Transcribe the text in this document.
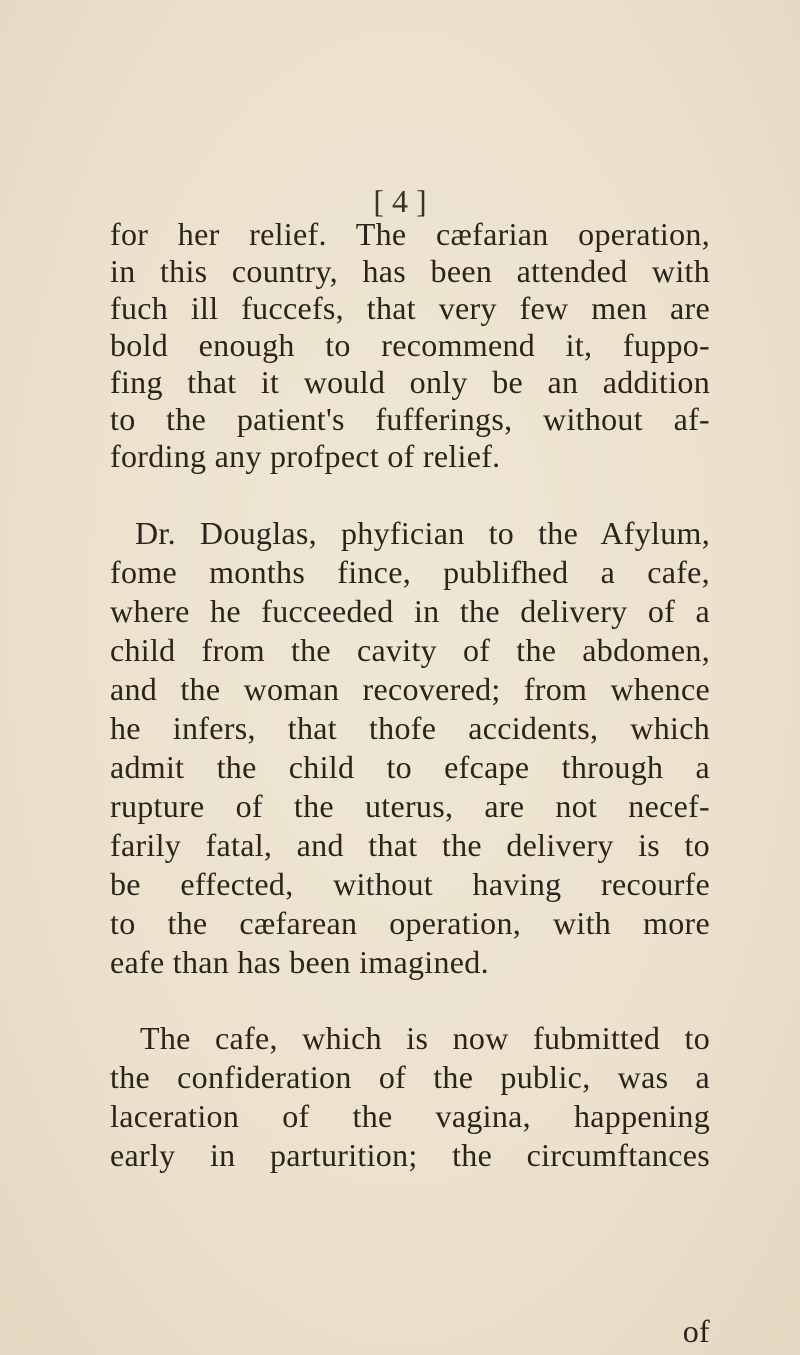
[ 4 ]
for her relief. The cæfarian operation,
in this country, has been attended with
fuch ill fuccefs, that very few men are
bold enough to recommend it, fuppo-
fing that it would only be an addition
to the patient's fufferings, without af-
fording any profpect of relief.
Dr. Douglas, phyfician to the Afylum,
fome months fince, publifhed a cafe,
where he fucceeded in the delivery of a
child from the cavity of the abdomen,
and the woman recovered; from whence
he infers, that thofe accidents, which
admit the child to efcape through a
rupture of the uterus, are not necef-
farily fatal, and that the delivery is to
be effected, without having recourfe
to the cæfarean operation, with more
eafe than has been imagined.
The cafe, which is now fubmitted to
the confideration of the public, was a
laceration of the vagina, happening
early in parturition; the circumftances
of
